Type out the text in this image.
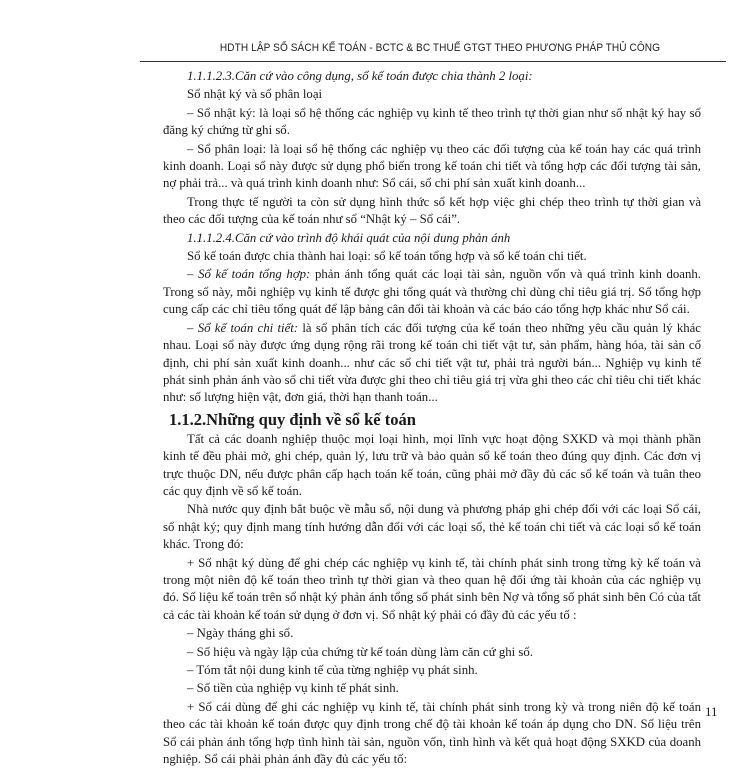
HDTH LẬP SỔ SÁCH KẾ TOÁN - BCTC & BC THUẾ GTGT THEO PHƯƠNG PHÁP THỦ CÔNG

1.1.1.2.3.Căn cứ vào công dụng, sổ kế toán được chia thành 2 loại:

Sổ nhật ký và sổ phân loại

– Sổ nhật ký: là loại sổ hệ thống các nghiệp vụ kinh tế theo trình tự thời gian như sổ nhật ký hay sổ đăng ký chứng từ ghi sổ.

– Sổ phân loại: là loại sổ hệ thống các nghiệp vụ theo các đối tượng của kế toán hay các quá trình kinh doanh. Loại sổ này được sử dụng phổ biến trong kế toán chi tiết và tổng hợp các đối tượng tài sản, nợ phải trả... và quá trình kinh doanh như: Sổ cái, sổ chi phí sản xuất kinh doanh...

Trong thực tế người ta còn sử dụng hình thức sổ kết hợp việc ghi chép theo trình tự thời gian và theo các đối tượng của kế toán như sổ “Nhật ký – Sổ cái”.

1.1.1.2.4.Căn cứ vào trình độ khái quát của nội dung phản ánh

Sổ kế toán được chia thành hai loại: sổ kế toán tổng hợp và sổ kế toán chi tiết.

– Sổ kế toán tổng hợp: phản ánh tổng quát các loại tài sản, nguồn vốn và quá trình kinh doanh. Trong sổ này, mỗi nghiệp vụ kinh tế được ghi tổng quát và thường chỉ dùng chỉ tiêu giá trị. Sổ tổng hợp cung cấp các chỉ tiêu tổng quát để lập bảng cân đối tài khoản và các báo cáo tổng hợp khác như Sổ cái.

– Sổ kế toán chi tiết: là sổ phân tích các đối tượng của kế toán theo những yêu cầu quản lý khác nhau. Loại sổ này được ứng dụng rộng rãi trong kế toán chi tiết vật tư, sản phẩm, hàng hóa, tài sản cố định, chi phí sản xuất kinh doanh... như các sổ chi tiết vật tư, phải trả người bán... Nghiệp vụ kinh tế phát sinh phản ánh vào sổ chi tiết vừa được ghi theo chỉ tiêu giá trị vừa ghi theo các chỉ tiêu chi tiết khác như: số lượng hiện vật, đơn giá, thời hạn thanh toán...

1.1.2.Những quy định về sổ kế toán

Tất cả các doanh nghiệp thuộc mọi loại hình, mọi lĩnh vực hoạt động SXKD và mọi thành phần kinh tế đều phải mở, ghi chép, quản lý, lưu trữ và bảo quản sổ kế toán theo đúng quy định. Các đơn vị trực thuộc DN, nếu được phân cấp hạch toán kế toán, cũng phải mở đầy đủ các sổ kế toán và tuân theo các quy định về sổ kế toán.

Nhà nước quy định bắt buộc về mẫu sổ, nội dung và phương pháp ghi chép đối với các loại Sổ cái, sổ nhật ký; quy định mang tính hướng dẫn đối với các loại sổ, thẻ kế toán chi tiết và các loại sổ kế toán khác. Trong đó:

+ Sổ nhật ký dùng để ghi chép các nghiệp vụ kinh tế, tài chính phát sinh trong từng kỳ kế toán và trong một niên độ kế toán theo trình tự thời gian và theo quan hệ đối ứng tài khoản của các nghiệp vụ đó. Số liệu kế toán trên sổ nhật ký phản ánh tổng số phát sinh bên Nợ và tổng số phát sinh bên Có của tất cả các tài khoản kế toán sử dụng ở đơn vị. Sổ nhật ký phải có đầy đủ các yếu tố :

– Ngày tháng ghi sổ.

– Số hiệu và ngày lập của chứng từ kế toán dùng làm căn cứ ghi sổ.

– Tóm tắt nội dung kinh tế của từng nghiệp vụ phát sinh.

– Số tiền của nghiệp vụ kinh tế phát sinh.

+ Sổ cái dùng để ghi các nghiệp vụ kinh tế, tài chính phát sinh trong kỳ và trong niên độ kế toán theo các tài khoản kế toán được quy định trong chế độ tài khoản kế toán áp dụng cho DN. Số liệu trên Sổ cái phản ánh tổng hợp tình hình tài sản, nguồn vốn, tình hình và kết quả hoạt động SXKD của doanh nghiệp. Sổ cái phải phản ánh đầy đủ các yếu tố:

11
